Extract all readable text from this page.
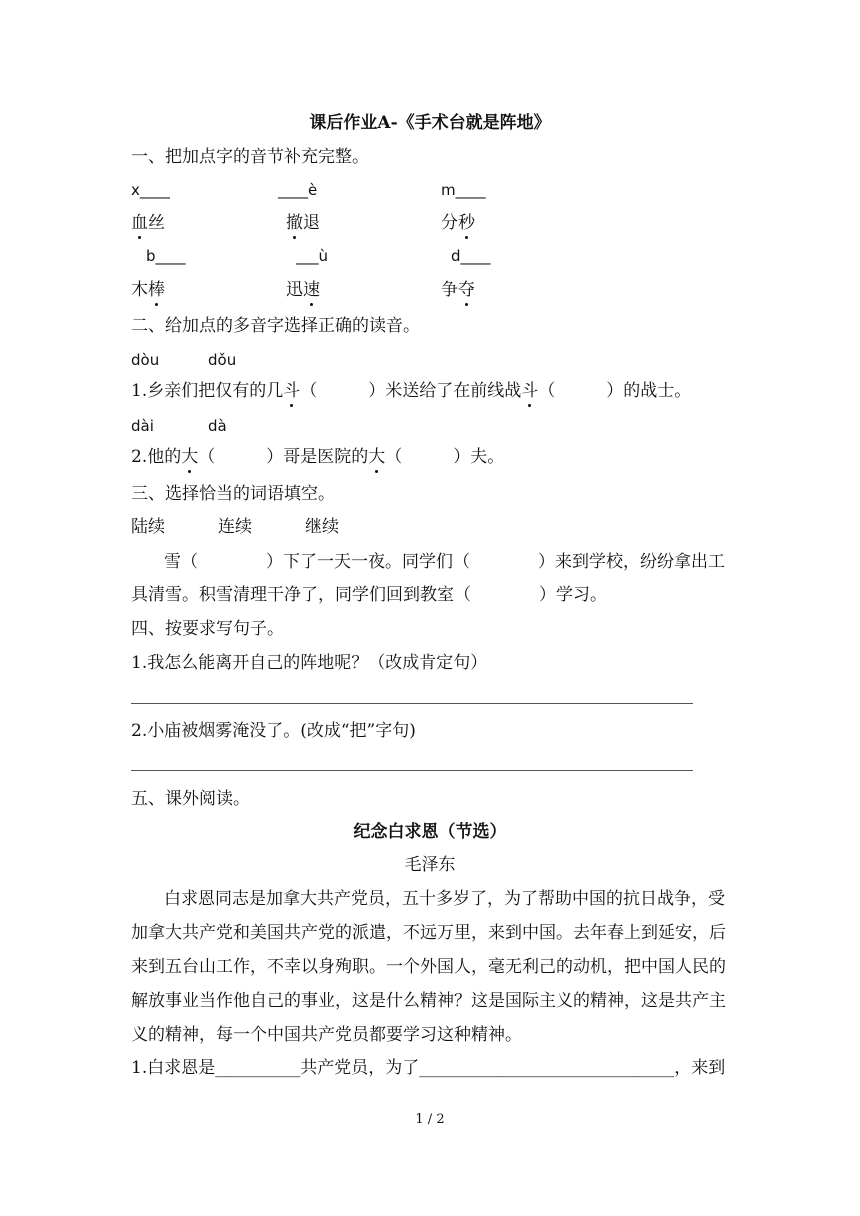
课后作业A-《手术台就是阵地》
一、把加点字的音节补充完整。
x____	____è	m____
血丝	撤退	分秒
b____	___ù	d____
木棒	迅速	争夺
二、给加点的多音字选择正确的读音。
dòu	dǒu
1.乡亲们把仅有的几斗（　　　）米送给了在前线战斗（　　　）的战士。
dài	dà
2.他的大（　　　）哥是医院的大（　　　）夫。
三、选择恰当的词语填空。
陆续	连续	继续
雪（　　　　）下了一天一夜。同学们（　　　　）来到学校，纷纷拿出工
具清雪。积雪清理干净了，同学们回到教室（　　　　）学习。
四、按要求写句子。
1.我怎么能离开自己的阵地呢？（改成肯定句）
2.小庙被烟雾淹没了。(改成“把”字句)
五、课外阅读。
纪念白求恩（节选）
毛泽东
白求恩同志是加拿大共产党员，五十多岁了，为了帮助中国的抗日战争，受
加拿大共产党和美国共产党的派遣，不远万里，来到中国。去年春上到延安，后
来到五台山工作，不幸以身殉职。一个外国人，毫无利己的动机，把中国人民的
解放事业当作他自己的事业，这是什么精神？这是国际主义的精神，这是共产主
义的精神，每一个中国共产党员都要学习这种精神。
1.白求恩是__________共产党员，为了______________________________，来到
1 / 2
